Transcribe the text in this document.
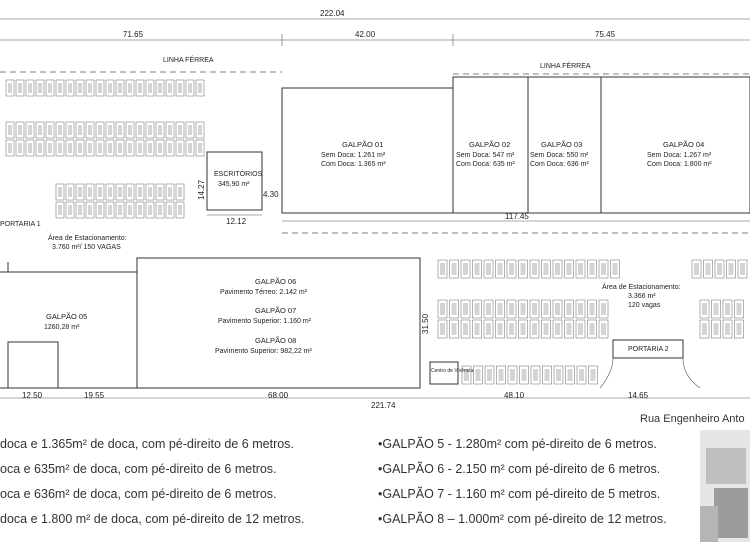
222.04
71.65	42.00	75.45
LINHA FÉRREA
LINHA FÉRREA
ESCRITÓRIOS
345,90 m²
14.27	4.30
12.12
GALPÃO 01
Sem Doca: 1.261 m²
Com Doca: 1.365 m²
GALPÃO 02
Sem Doca: 547 m²
Com Doca: 635 m²
GALPÃO 03
Sem Doca: 550 m²
Com Doca: 636 m²
GALPÃO 04
Sem Doca: 1.267 m²
Com Doca: 1.800 m²
117.45
PORTARIA 1
Área de Estacionamento:
3.760 m²/ 150 VAGAS
GALPÃO 05
1260,28 m²
GALPÃO 06
Pavimento Térreo: 2.142 m²
GALPÃO 07
Pavimento Superior: 1.160 m²
GALPÃO 08
Pavimento Superior: 982,22 m²
31.50
Área de Estacionamento:
3.366 m²
120 vagas
PORTARIA 2
Centro de Vivência
12.50	19.55	68.00	48.10	14.65
221.74
Rua Engenheiro Anto
doca e 1.365m² de doca, com pé-direito de 6 metros.
oca e 635m² de doca, com pé-direito de 6 metros.
oca e 636m² de doca, com pé-direito de 6 metros.
doca e 1.800 m² de doca, com pé-direito de 12 metros.
•GALPÃO 5 - 1.280m² com pé-direito de 6 metros.
•GALPÃO 6 - 2.150 m² com pé-direito de 6 metros.
•GALPÃO 7 - 1.160 m² com pé-direito de 5 metros.
•GALPÃO 8 – 1.000m² com pé-direito de 12 metros.
